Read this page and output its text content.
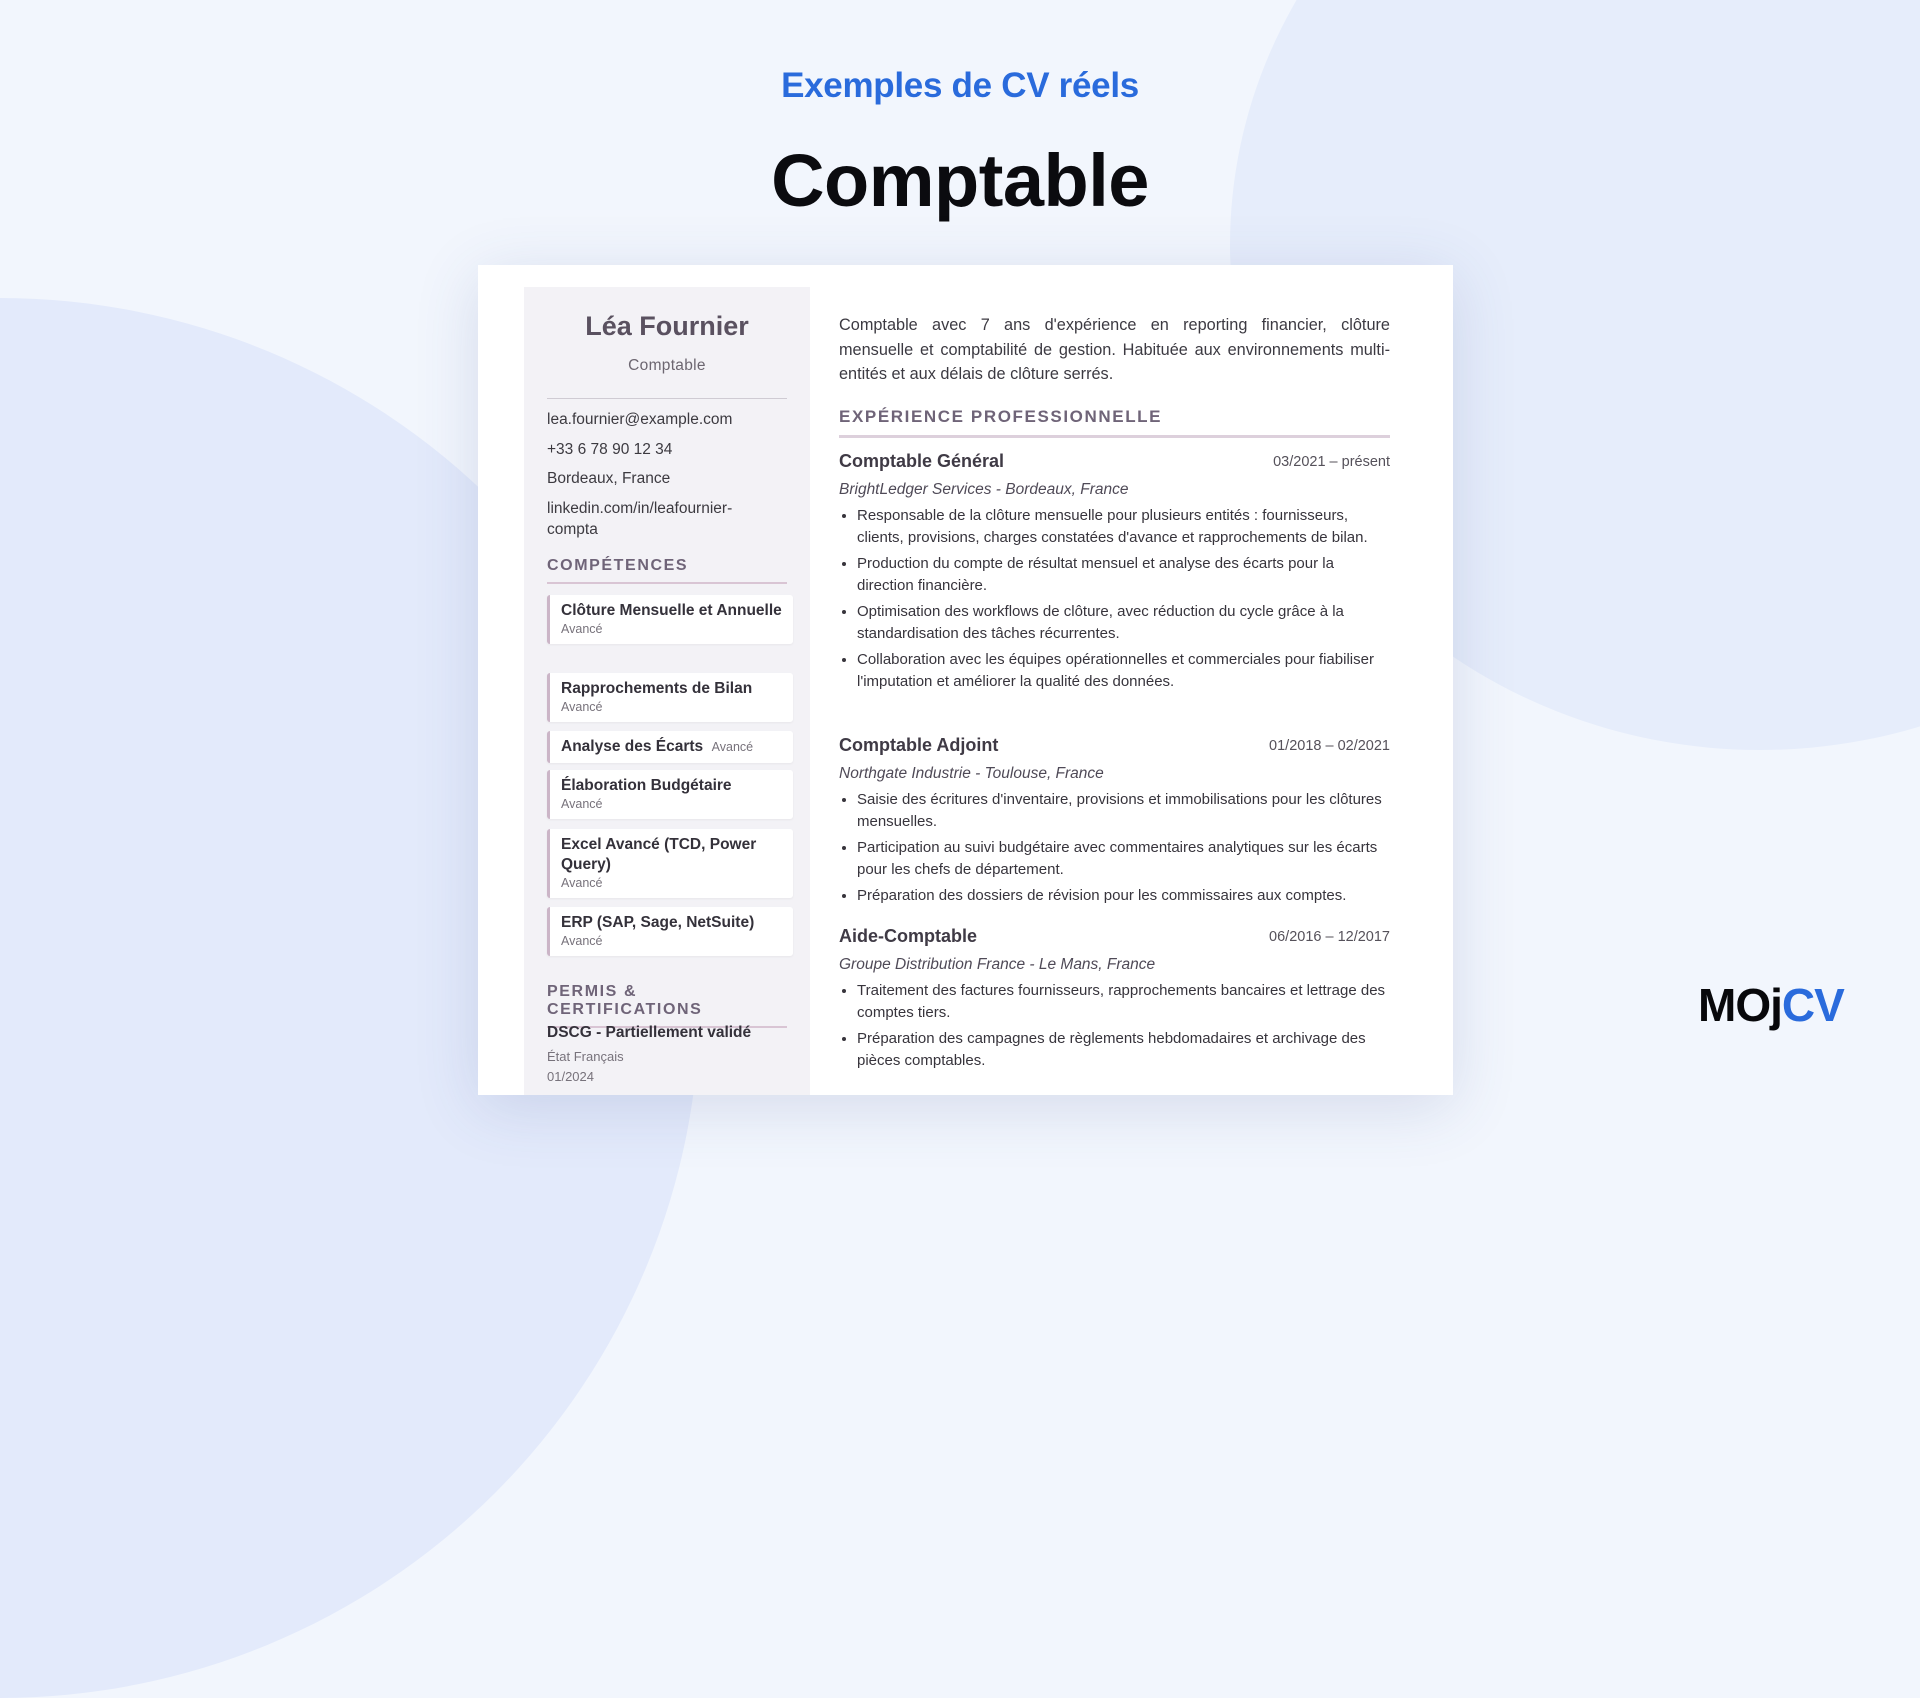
Exemples de CV réels
Comptable
Léa Fournier
Comptable
lea.fournier@example.com
+33 6 78 90 12 34
Bordeaux, France
linkedin.com/in/leafournier-compta
COMPÉTENCES
Clôture Mensuelle et Annuelle
Avancé
Rapprochements de Bilan
Avancé
Analyse des Écarts Avancé
Élaboration Budgétaire
Avancé
Excel Avancé (TCD, Power Query)
Avancé
ERP (SAP, Sage, NetSuite)
Avancé
PERMIS & CERTIFICATIONS
DSCG - Partiellement validé
État Français
01/2024
Comptable avec 7 ans d'expérience en reporting financier, clôture mensuelle et comptabilité de gestion. Habituée aux environnements multi-entités et aux délais de clôture serrés.
EXPÉRIENCE PROFESSIONNELLE
Comptable Général	03/2021 – présent
BrightLedger Services - Bordeaux, France
• Responsable de la clôture mensuelle pour plusieurs entités : fournisseurs, clients, provisions, charges constatées d'avance et rapprochements de bilan.
• Production du compte de résultat mensuel et analyse des écarts pour la direction financière.
• Optimisation des workflows de clôture, avec réduction du cycle grâce à la standardisation des tâches récurrentes.
• Collaboration avec les équipes opérationnelles et commerciales pour fiabiliser l'imputation et améliorer la qualité des données.
Comptable Adjoint	01/2018 – 02/2021
Northgate Industrie - Toulouse, France
• Saisie des écritures d'inventaire, provisions et immobilisations pour les clôtures mensuelles.
• Participation au suivi budgétaire avec commentaires analytiques sur les écarts pour les chefs de département.
• Préparation des dossiers de révision pour les commissaires aux comptes.
Aide-Comptable	06/2016 – 12/2017
Groupe Distribution France - Le Mans, France
• Traitement des factures fournisseurs, rapprochements bancaires et lettrage des comptes tiers.
• Préparation des campagnes de règlements hebdomadaires et archivage des pièces comptables.
MOjCV
